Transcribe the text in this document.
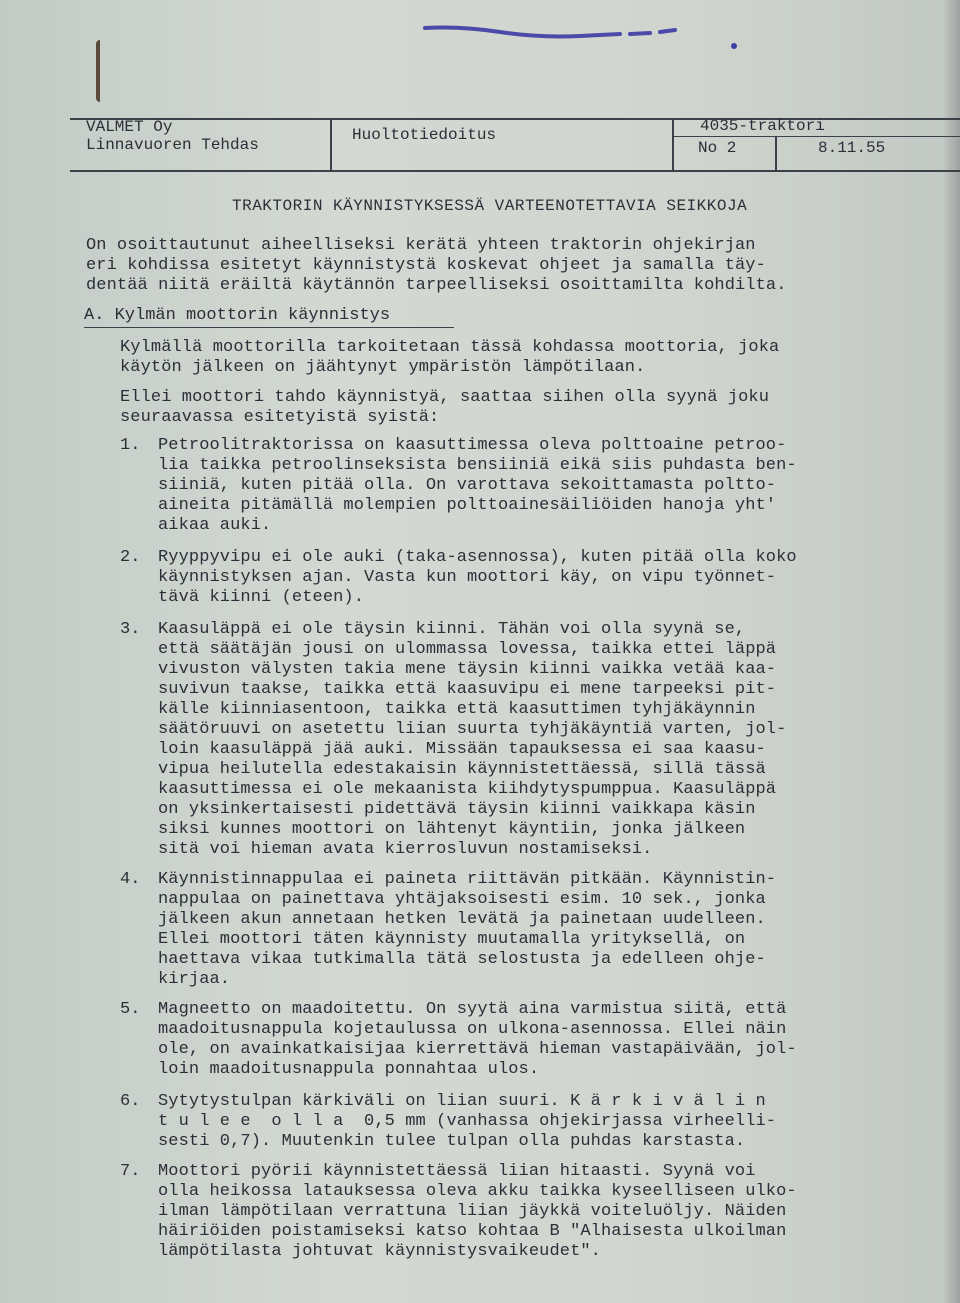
VALMET Oy
Linnavuoren Tehdas
Huoltotiedoitus	4035-traktori
No 2	8.11.55
TRAKTORIN KÄYNNISTYKSESSÄ VARTEENOTETTAVIA SEIKKOJA
On osoittautunut aiheelliseksi kerätä yhteen traktorin ohjekirjan
eri kohdissa esitetyt käynnistystä koskevat ohjeet ja samalla täy-
dentää niitä eräiltä käytännön tarpeelliseksi osoittamilta kohdilta.
A. Kylmän moottorin käynnistys
Kylmällä moottorilla tarkoitetaan tässä kohdassa moottoria, joka
käytön jälkeen on jäähtynyt ympäristön lämpötilaan.
Ellei moottori tahdo käynnistyä, saattaa siihen olla syynä joku
seuraavassa esitetyistä syistä:
1. Petroolitraktorissa on kaasuttimessa oleva polttoaine petroo-
lia taikka petroolinseksista bensiiniä eikä siis puhdasta ben-
siiniä, kuten pitää olla. On varottava sekoittamasta poltto-
aineita pitämällä molempien polttoainesäiliöiden hanoja yht'
aikaa auki.
2. Ryyppyvipu ei ole auki (taka-asennossa), kuten pitää olla koko
käynnistyksen ajan. Vasta kun moottori käy, on vipu työnnet-
tävä kiinni (eteen).
3. Kaasuläppä ei ole täysin kiinni. Tähän voi olla syynä se,
että säätäjän jousi on ulommassa lovessa, taikka ettei läppä
vivuston välysten takia mene täysin kiinni vaikka vetää kaa-
suvivun taakse, taikka että kaasuvipu ei mene tarpeeksi pit-
källe kiinniasentoon, taikka että kaasuttimen tyhjäkäynnin
säätöruuvi on asetettu liian suurta tyhjäkäyntiä varten, jol-
loin kaasuläppä jää auki. Missään tapauksessa ei saa kaasu-
vipua heilutella edestakaisin käynnistettäessä, sillä tässä
kaasuttimessa ei ole mekaanista kiihdytyspumppua. Kaasuläppä
on yksinkertaisesti pidettävä täysin kiinni vaikkapa käsin
siksi kunnes moottori on lähtenyt käyntiin, jonka jälkeen
sitä voi hieman avata kierrosluvun nostamiseksi.
4. Käynnistinnappulaa ei paineta riittävän pitkään. Käynnistin-
nappulaa on painettava yhtäjaksoisesti esim. 10 sek., jonka
jälkeen akun annetaan hetken levätä ja painetaan uudelleen.
Ellei moottori täten käynnisty muutamalla yrityksellä, on
haettava vikaa tutkimalla tätä selostusta ja edelleen ohje-
kirjaa.
5. Magneetto on maadoitettu. On syytä aina varmistua siitä, että
maadoitusnappula kojetaulussa on ulkona-asennossa. Ellei näin
ole, on avainkatkaisijaa kierrettävä hieman vastapäivään, jol-
loin maadoitusnappula ponnahtaa ulos.
6. Sytytystulpan kärkiväli on liian suuri. K ä r k i v ä l i n
t u l e e  o l l a  0,5 mm (vanhassa ohjekirjassa virheelli-
sesti 0,7). Muutenkin tulee tulpan olla puhdas karstasta.
7. Moottori pyörii käynnistettäessä liian hitaasti. Syynä voi
olla heikossa latauksessa oleva akku taikka kyseelliseen ulko-
ilman lämpötilaan verrattuna liian jäykkä voiteluöljy. Näiden
häiriöiden poistamiseksi katso kohtaa B "Alhaisesta ulkoilman
lämpötilasta johtuvat käynnistysvaikeudet".
